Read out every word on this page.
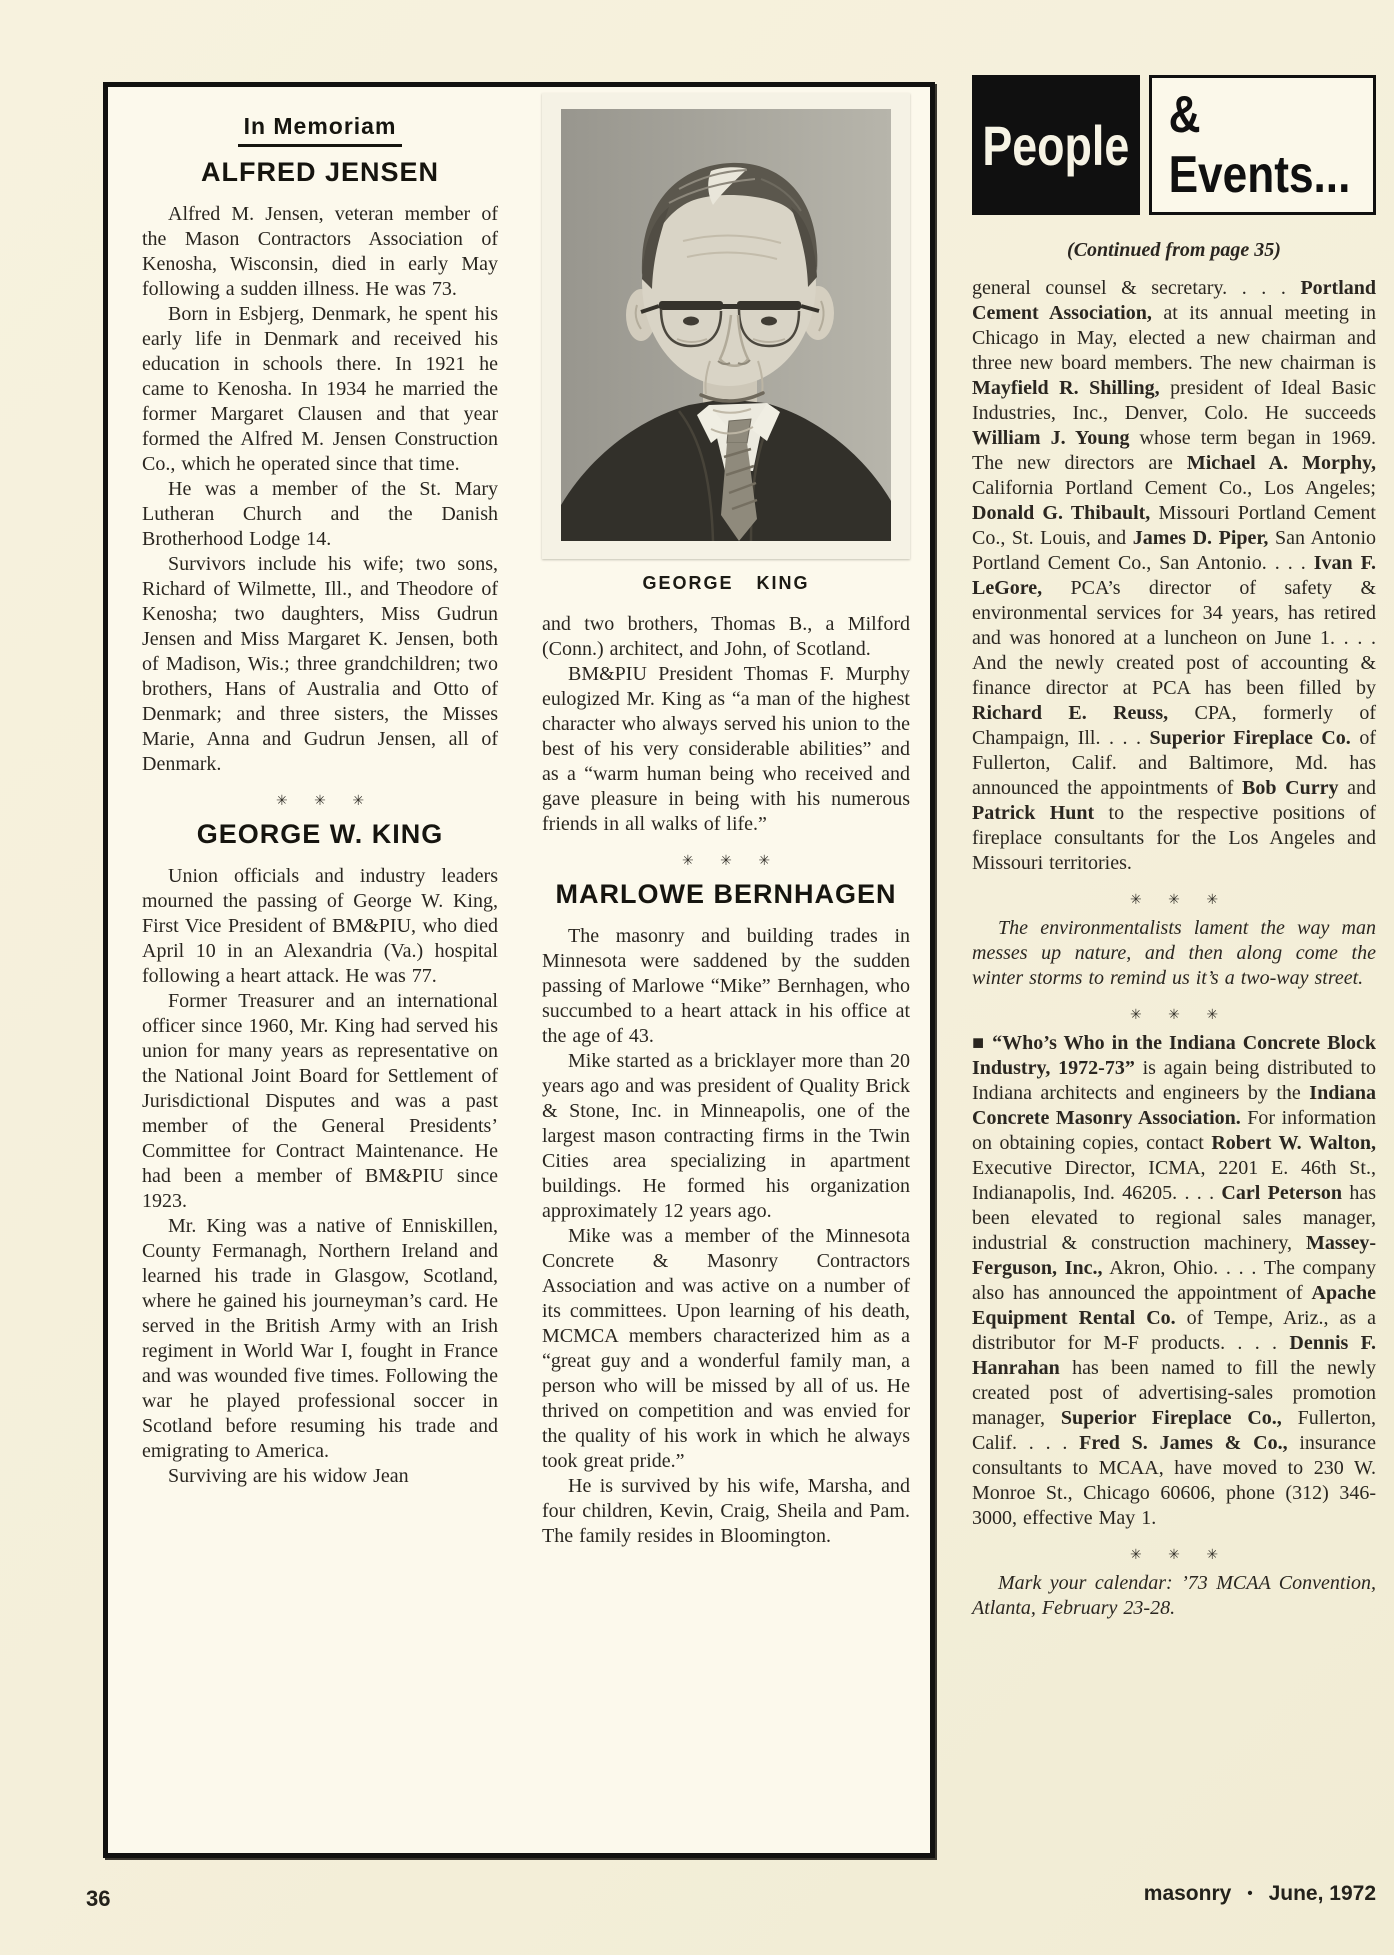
In Memoriam
ALFRED JENSEN

Alfred M. Jensen, veteran member of the Mason Contractors Association of Kenosha, Wisconsin, died in early May following a sudden illness. He was 73.

Born in Esbjerg, Denmark, he spent his early life in Denmark and received his education in schools there. In 1921 he came to Kenosha. In 1934 he married the former Margaret Clausen and that year formed the Alfred M. Jensen Construction Co., which he operated since that time.

He was a member of the St. Mary Lutheran Church and the Danish Brotherhood Lodge 14.

Survivors include his wife; two sons, Richard of Wilmette, Ill., and Theodore of Kenosha; two daughters, Miss Gudrun Jensen and Miss Margaret K. Jensen, both of Madison, Wis.; three grandchildren; two brothers, Hans of Australia and Otto of Denmark; and three sisters, the Misses Marie, Anna and Gudrun Jensen, all of Denmark.

✳ ✳ ✳
GEORGE W. KING

Union officials and industry leaders mourned the passing of George W. King, First Vice President of BM&PIU, who died April 10 in an Alexandria (Va.) hospital following a heart attack. He was 77.

Former Treasurer and an international officer since 1960, Mr. King had served his union for many years as representative on the National Joint Board for Settlement of Jurisdictional Disputes and was a past member of the General Presidents’ Committee for Contract Maintenance. He had been a member of BM&PIU since 1923.

Mr. King was a native of Enniskillen, County Fermanagh, Northern Ireland and learned his trade in Glasgow, Scotland, where he gained his journeyman’s card. He served in the British Army with an Irish regiment in World War I, fought in France and was wounded five times. Following the war he played professional soccer in Scotland before resuming his trade and emigrating to America.

Surviving are his widow Jean

GEORGE KING

and two brothers, Thomas B., a Milford (Conn.) architect, and John, of Scotland.

BM&PIU President Thomas F. Murphy eulogized Mr. King as “a man of the highest character who always served his union to the best of his very considerable abilities” and as a “warm human being who received and gave pleasure in being with his numerous friends in all walks of life.”

✳ ✳ ✳
MARLOWE BERNHAGEN

The masonry and building trades in Minnesota were saddened by the sudden passing of Marlowe “Mike” Bernhagen, who succumbed to a heart attack in his office at the age of 43.

Mike started as a bricklayer more than 20 years ago and was president of Quality Brick & Stone, Inc. in Minneapolis, one of the largest mason contracting firms in the Twin Cities area specializing in apartment buildings. He formed his organization approximately 12 years ago.

Mike was a member of the Minnesota Concrete & Masonry Contractors Association and was active on a number of its committees. Upon learning of his death, MCMCA members characterized him as a “great guy and a wonderful family man, a person who will be missed by all of us. He thrived on competition and was envied for the quality of his work in which he always took great pride.”

He is survived by his wife, Marsha, and four children, Kevin, Craig, Sheila and Pam. The family resides in Bloomington.

People & Events...

(Continued from page 35)

general counsel & secretary. . . . Portland Cement Association, at its annual meeting in Chicago in May, elected a new chairman and three new board members. The new chairman is Mayfield R. Shilling, president of Ideal Basic Industries, Inc., Denver, Colo. He succeeds William J. Young whose term began in 1969. The new directors are Michael A. Morphy, California Portland Cement Co., Los Angeles; Donald G. Thibault, Missouri Portland Cement Co., St. Louis, and James D. Piper, San Antonio Portland Cement Co., San Antonio. . . . Ivan F. LeGore, PCA’s director of safety & environmental services for 34 years, has retired and was honored at a luncheon on June 1. . . . And the newly created post of accounting & finance director at PCA has been filled by Richard E. Reuss, CPA, formerly of Champaign, Ill. . . . Superior Fireplace Co. of Fullerton, Calif. and Baltimore, Md. has announced the appointments of Bob Curry and Patrick Hunt to the respective positions of fireplace consultants for the Los Angeles and Missouri territories.

✳ ✳ ✳

The environmentalists lament the way man messes up nature, and then along come the winter storms to remind us it’s a two-way street.

✳ ✳ ✳

■ “Who’s Who in the Indiana Concrete Block Industry, 1972-73” is again being distributed to Indiana architects and engineers by the Indiana Concrete Masonry Association. For information on obtaining copies, contact Robert W. Walton, Executive Director, ICMA, 2201 E. 46th St., Indianapolis, Ind. 46205. . . . Carl Peterson has been elevated to regional sales manager, industrial & construction machinery, Massey-Ferguson, Inc., Akron, Ohio. . . . The company also has announced the appointment of Apache Equipment Rental Co. of Tempe, Ariz., as a distributor for M-F products. . . . Dennis F. Hanrahan has been named to fill the newly created post of advertising-sales promotion manager, Superior Fireplace Co., Fullerton, Calif. . . . Fred S. James & Co., insurance consultants to MCAA, have moved to 230 W. Monroe St., Chicago 60606, phone (312) 346-3000, effective May 1.

✳ ✳ ✳

Mark your calendar: ’73 MCAA Convention, Atlanta, February 23-28.

36	masonry • June, 1972
